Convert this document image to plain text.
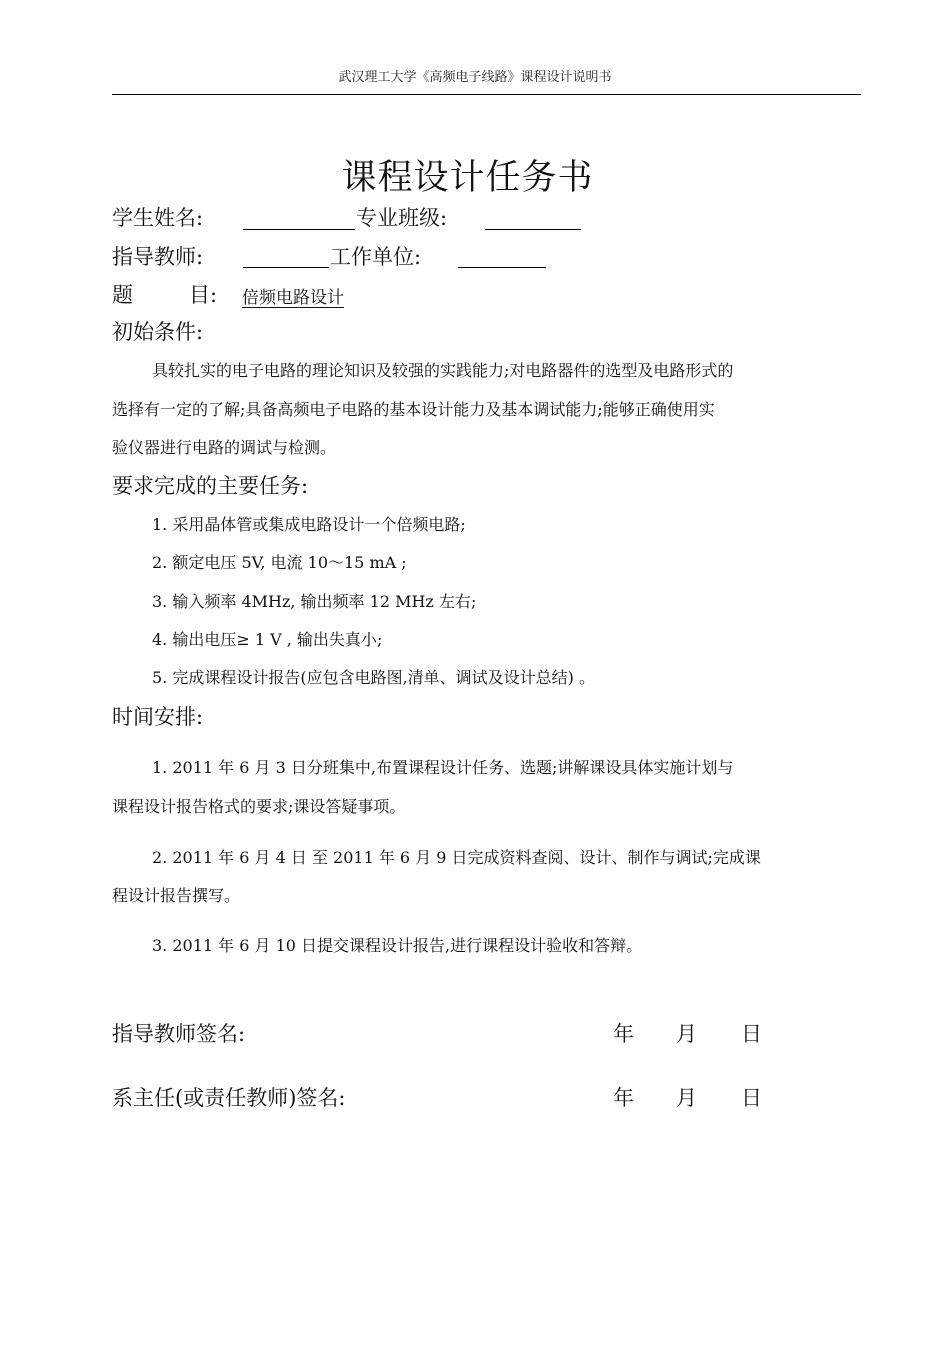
武汉理工大学《高频电子线路》课程设计说明书
课程设计任务书
学生姓名:	专业班级:
指导教师:	工作单位:
题	目: 倍频电路设计
初始条件:
具较扎实的电子电路的理论知识及较强的实践能力;对电路器件的选型及电路形式的
选择有一定的了解;具备高频电子电路的基本设计能力及基本调试能力;能够正确使用实
验仪器进行电路的调试与检测。
要求完成的主要任务:
1. 采用晶体管或集成电路设计一个倍频电路;
2. 额定电压 5V, 电流 10～15 mA ;
3. 输入频率 4MHz, 输出频率 12 MHz 左右;
4. 输出电压≥ 1 V , 输出失真小;
5. 完成课程设计报告(应包含电路图,清单、调试及设计总结) 。
时间安排:
1. 2011 年 6 月 3 日分班集中,布置课程设计任务、选题;讲解课设具体实施计划与
课程设计报告格式的要求;课设答疑事项。
2. 2011 年 6 月 4 日 至 2011 年 6 月 9 日完成资料查阅、设计、制作与调试;完成课
程设计报告撰写。
3. 2011 年 6 月 10 日提交课程设计报告,进行课程设计验收和答辩。
指导教师签名:	年 月 日
系主任(或责任教师)签名:	年 月 日
